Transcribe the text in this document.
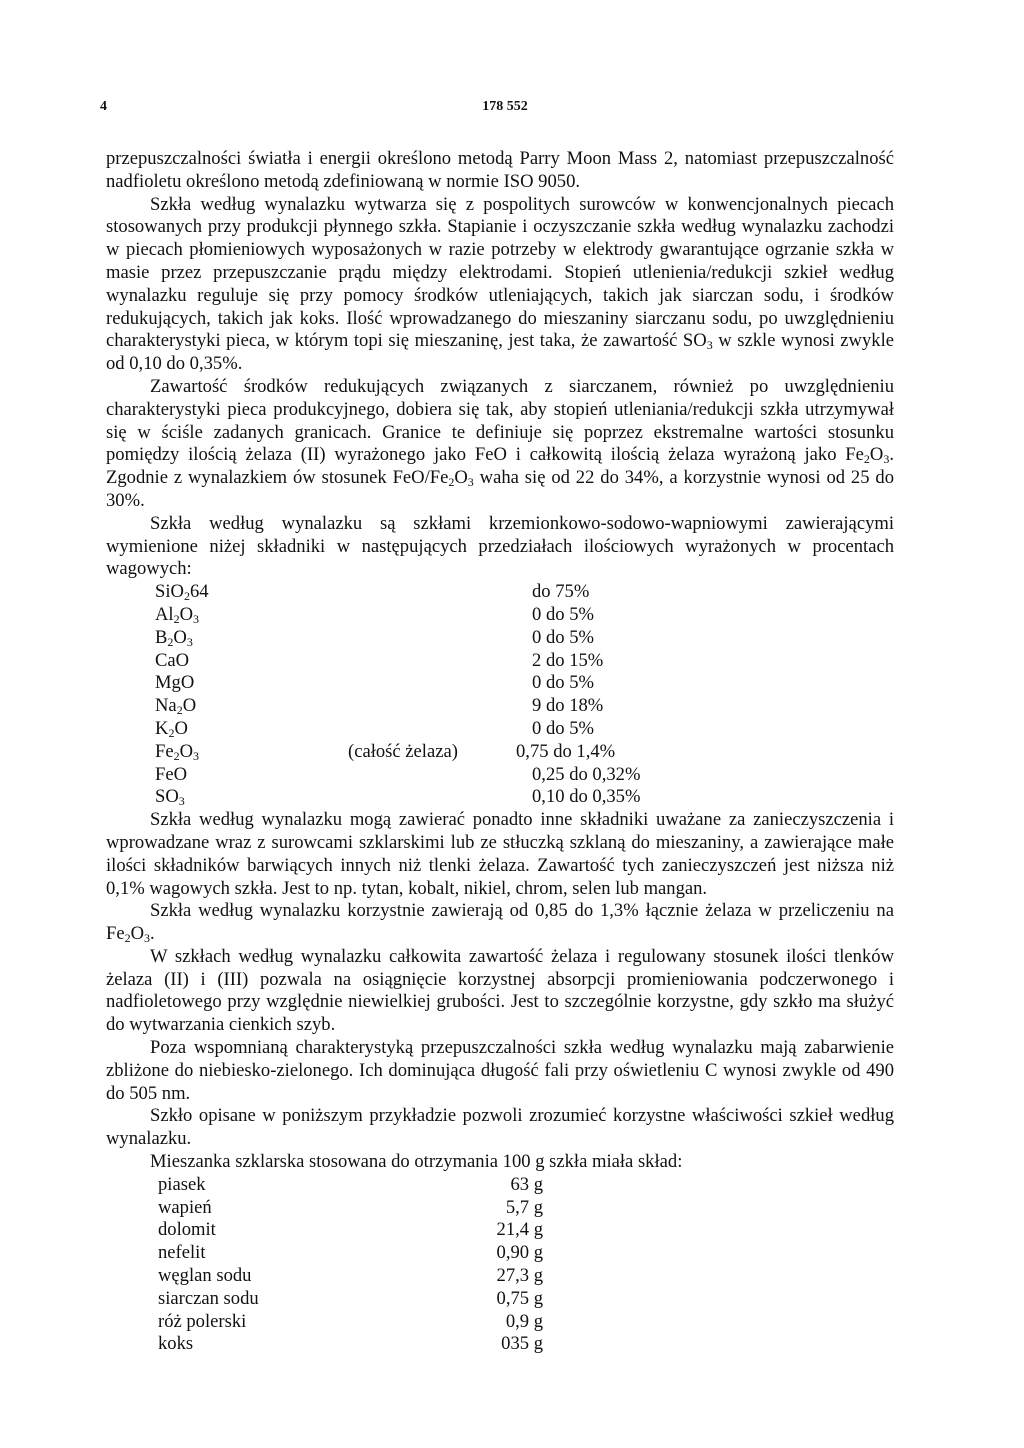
4	178 552

przepuszczalności światła i energii określono metodą Parry Moon Mass 2, natomiast przepuszczalność nadfioletu określono metodą zdefiniowaną w normie ISO 9050.

Szkła według wynalazku wytwarza się z pospolitych surowców w konwencjonalnych piecach stosowanych przy produkcji płynnego szkła. Stapianie i oczyszczanie szkła według wynalazku zachodzi w piecach płomieniowych wyposażonych w razie potrzeby w elektrody gwarantujące ogrzanie szkła w masie przez przepuszczanie prądu między elektrodami. Stopień utlenienia/redukcji szkieł według wynalazku reguluje się przy pomocy środków utleniających, takich jak siarczan sodu, i środków redukujących, takich jak koks. Ilość wprowadzanego do mieszaniny siarczanu sodu, po uwzględnieniu charakterystyki pieca, w którym topi się mieszaninę, jest taka, że zawartość $SO_3$ w szkle wynosi zwykle od 0,10 do 0,35%.

Zawartość środków redukujących związanych z siarczanem, również po uwzględnieniu charakterystyki pieca produkcyjnego, dobiera się tak, aby stopień utleniania/redukcji szkła utrzymywał się w ściśle zadanych granicach. Granice te definiuje się poprzez ekstremalne wartości stosunku pomiędzy ilością żelaza (II) wyrażonego jako FeO i całkowitą ilością żelaza wyrażoną jako $Fe_2O_3$. Zgodnie z wynalazkiem ów stosunek FeO/$Fe_2O_3$ waha się od 22 do 34%, a korzystnie wynosi od 25 do 30%.

Szkła według wynalazku są szkłami krzemionkowo-sodowo-wapniowymi zawierającymi wymienione niżej składniki w następujących przedziałach ilościowych wyrażonych w procentach wagowych:

SiO$_2$64	do 75%
$Al_2O_3$	0 do 5%
$B_2O_3$	0 do 5%
CaO	2 do 15%
MgO	0 do 5%
$Na_2O$	9 do 18%
$K_2O$	0 do 5%
$Fe_2O_3$	(całość żelaza)	0,75 do 1,4%
FeO	0,25 do 0,32%
$SO_3$	0,10 do 0,35%

Szkła według wynalazku mogą zawierać ponadto inne składniki uważane za zanieczyszczenia i wprowadzane wraz z surowcami szklarskimi lub ze stłuczką szklaną do mieszaniny, a zawierające małe ilości składników barwiących innych niż tlenki żelaza. Zawartość tych zanieczyszczeń jest niższa niż 0,1% wagowych szkła. Jest to np. tytan, kobalt, nikiel, chrom, selen lub mangan.

Szkła według wynalazku korzystnie zawierają od 0,85 do 1,3% łącznie żelaza w przeliczeniu na $Fe_2O_3$.

W szkłach według wynalazku całkowita zawartość żelaza i regulowany stosunek ilości tlenków żelaza (II) i (III) pozwala na osiągnięcie korzystnej absorpcji promieniowania podczerwonego i nadfioletowego przy względnie niewielkiej grubości. Jest to szczególnie korzystne, gdy szkło ma służyć do wytwarzania cienkich szyb.

Poza wspomnianą charakterystyką przepuszczalności szkła według wynalazku mają zabarwienie zbliżone do niebiesko-zielonego. Ich dominująca długość fali przy oświetleniu C wynosi zwykle od 490 do 505 nm.

Szkło opisane w poniższym przykładzie pozwoli zrozumieć korzystne właściwości szkieł według wynalazku.

Mieszanka szklarska stosowana do otrzymania 100 g szkła miała skład:

piasek	63 g
wapień	5,7 g
dolomit	21,4 g
nefelit	0,90 g
węglan sodu	27,3 g
siarczan sodu	0,75 g
róż polerski	0,9 g
koks	035 g
